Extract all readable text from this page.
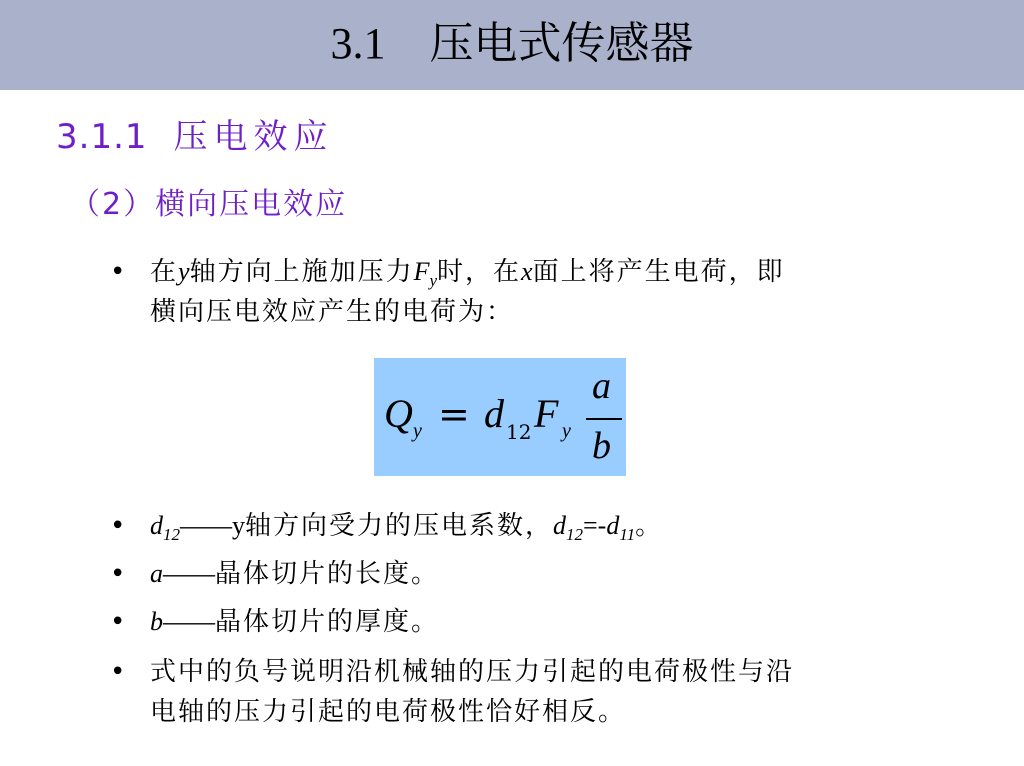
3.1 压电式传感器
3.1.1 压电效应
（2）横向压电效应
• 在y轴方向上施加压力$F_y$时，在x面上将产生电荷，即
横向压电效应产生的电荷为：
Q y = d 12 F y
a
b
• $d_{12}——y$轴方向受力的压电系数，$d_{12}=-d_{11}$。
• a——晶体切片的长度。
• b——晶体切片的厚度。
• 式中的负号说明沿机械轴的压力引起的电荷极性与沿
电轴的压力引起的电荷极性恰好相反。
